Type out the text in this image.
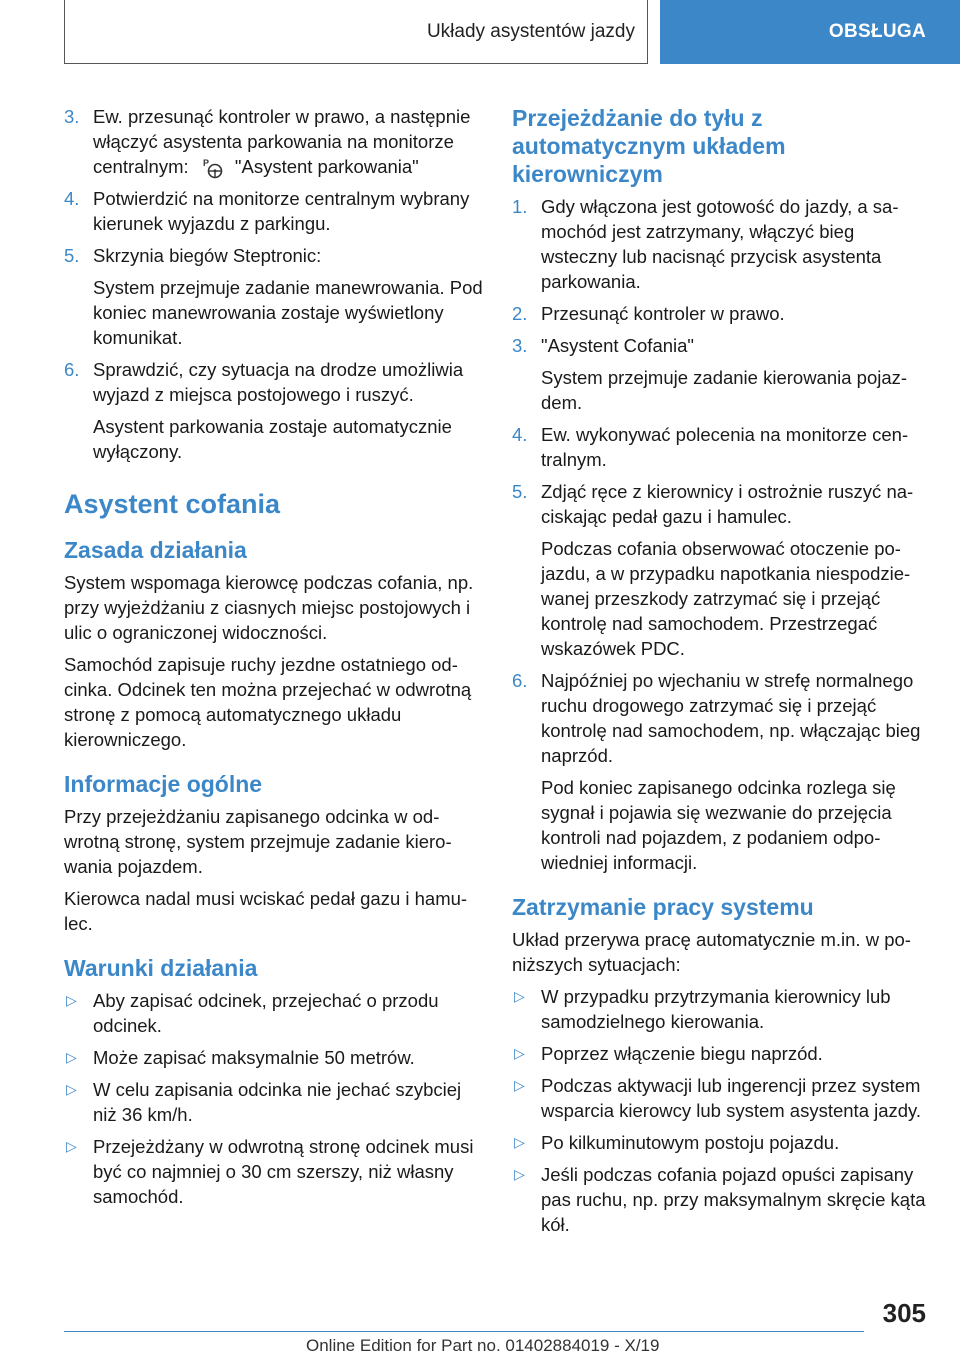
Układy asystentów jazdy	OBSŁUGA
3. Ew. przesunąć kontroler w prawo, a następnie włączyć asystenta parkowania na monitorze centralnym: P "Asystent parkowania"
4. Potwierdzić na monitorze centralnym wybrany kierunek wyjazdu z parkingu.
5. Skrzynia biegów Steptronic:

System przejmuje zadanie manewrowania. Pod koniec manewrowania zostaje wyświetlony komunikat.

6. Sprawdzić, czy sytuacja na drodze umożliwia wyjazd z miejsca postojowego i ruszyć.

Asystent parkowania zostaje automatycznie wyłączony.

Asystent cofania
Zasada działania

System wspomaga kierowcę podczas cofania, np. przy wyjeżdżaniu z ciasnych miejsc postojowych i ulic o ograniczonej widoczności.

Samochód zapisuje ruchy jezdne ostatniego odcinka. Odcinek ten można przejechać w odwrotną stronę z pomocą automatycznego układu kierowniczego.

Informacje ogólne

Przy przejeżdżaniu zapisanego odcinka w odwrotną stronę, system przejmuje zadanie kierowania pojazdem.

Kierowca nadal musi wciskać pedał gazu i hamulec.

Warunki działania
▷ Aby zapisać odcinek, przejechać o przodu odcinek.
▷ Może zapisać maksymalnie 50 metrów.
▷ W celu zapisania odcinka nie jechać szybciej niż 36 km/h.
▷ Przejeżdżany w odwrotną stronę odcinek musi być co najmniej o 30 cm szerszy, niż własny samochód.
Przejeżdżanie do tyłu z automatycznym układem kierowniczym
1. Gdy włączona jest gotowość do jazdy, a samochód jest zatrzymany, włączyć bieg wsteczny lub nacisnąć przycisk asystenta parkowania.
2. Przesunąć kontroler w prawo.
3. "Asystent Cofania"

System przejmuje zadanie kierowania pojazdem.

4. Ew. wykonywać polecenia na monitorze centralnym.
5. Zdjąć ręce z kierownicy i ostrożnie ruszyć naciskając pedał gazu i hamulec.

Podczas cofania obserwować otoczenie pojazdu, a w przypadku napotkania niespodziewanej przeszkody zatrzymać się i przejąć kontrolę nad samochodem. Przestrzegać wskazówek PDC.

6. Najpóźniej po wjechaniu w strefę normalnego ruchu drogowego zatrzymać się i przejąć kontrolę nad samochodem, np. włączając bieg naprzód.

Pod koniec zapisanego odcinka rozlega się sygnał i pojawia się wezwanie do przejęcia kontroli nad pojazdem, z podaniem odpowiedniej informacji.

Zatrzymanie pracy systemu

Układ przerywa pracę automatycznie m.in. w poniższych sytuacjach:

▷ W przypadku przytrzymania kierownicy lub samodzielnego kierowania.
▷ Poprzez włączenie biegu naprzód.
▷ Podczas aktywacji lub ingerencji przez system wsparcia kierowcy lub system asystenta jazdy.
▷ Po kilkuminutowym postoju pojazdu.
▷ Jeśli podczas cofania pojazd opuści zapisany pas ruchu, np. przy maksymalnym skręcie kąta kół.
305
Online Edition for Part no. 01402884019 - X/19
